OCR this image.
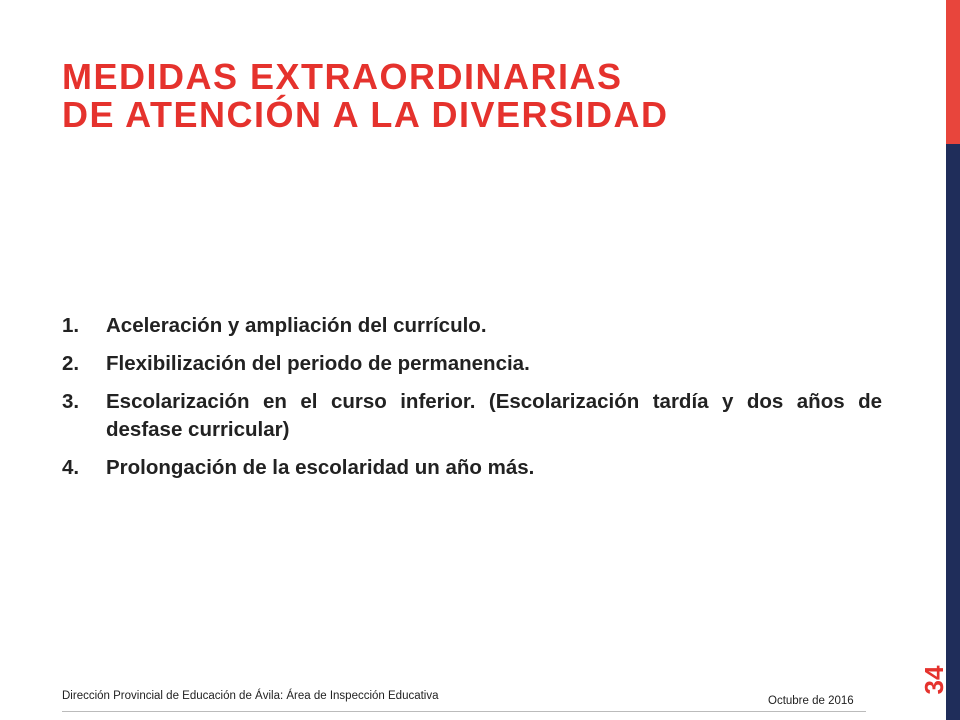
MEDIDAS EXTRAORDINARIAS
DE ATENCIÓN A LA DIVERSIDAD
1. Aceleración y ampliación del currículo.
2. Flexibilización del periodo de permanencia.
3. Escolarización en el curso inferior. (Escolarización tardía y dos años de desfase curricular)
4. Prolongación de la escolaridad un año más.
Dirección Provincial de Educación de Ávila: Área de Inspección Educativa	Octubre de 2016
34
